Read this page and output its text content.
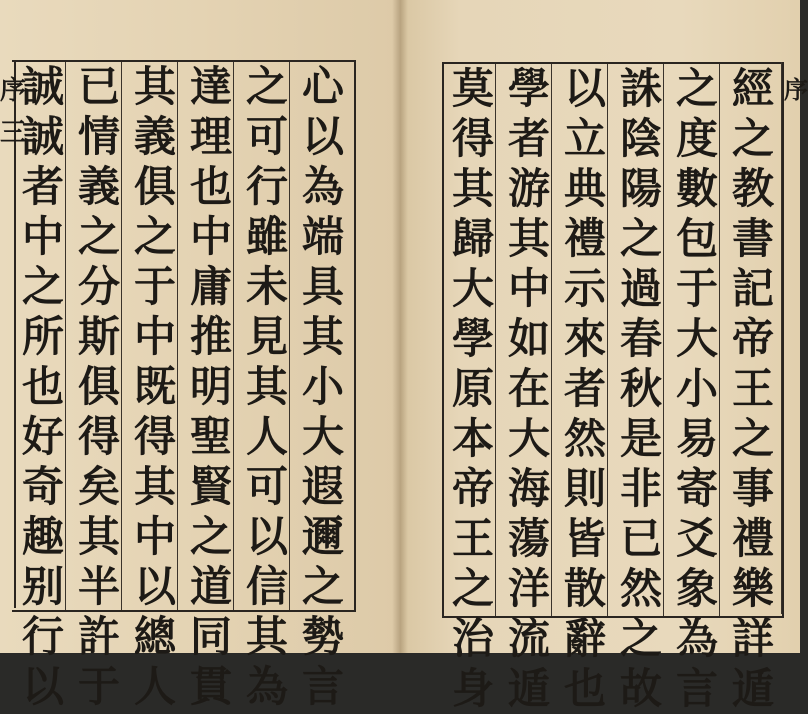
序
三
心
以
為
端
具
其
小
大
遐
邇
之
勢
言
之
可
行
雖
未
見
其
人
可
以
信
其
為
達
理
也
中
庸
推
明
聖
賢
之
道
同
貫
其
義
俱
之
于
中
既
得
其
中
以
總
人
已
情
義
之
分
斯
俱
得
矣
其
半
許
于
誠
誠
者
中
之
所
也
好
奇
趣
别
行
以
經
之
教
書
記
帝
王
之
事
禮
樂
詳
遁
之
度
數
包
于
大
小
易
寄
爻
象
為
言
誅
陰
陽
之
過
春
秋
是
非
已
然
之
故
以
立
典
禮
示
來
者
然
則
皆
散
辭
也
學
者
游
其
中
如
在
大
海
蕩
洋
流
遁
莫
得
其
歸
大
學
原
本
帝
王
之
治
身
序
